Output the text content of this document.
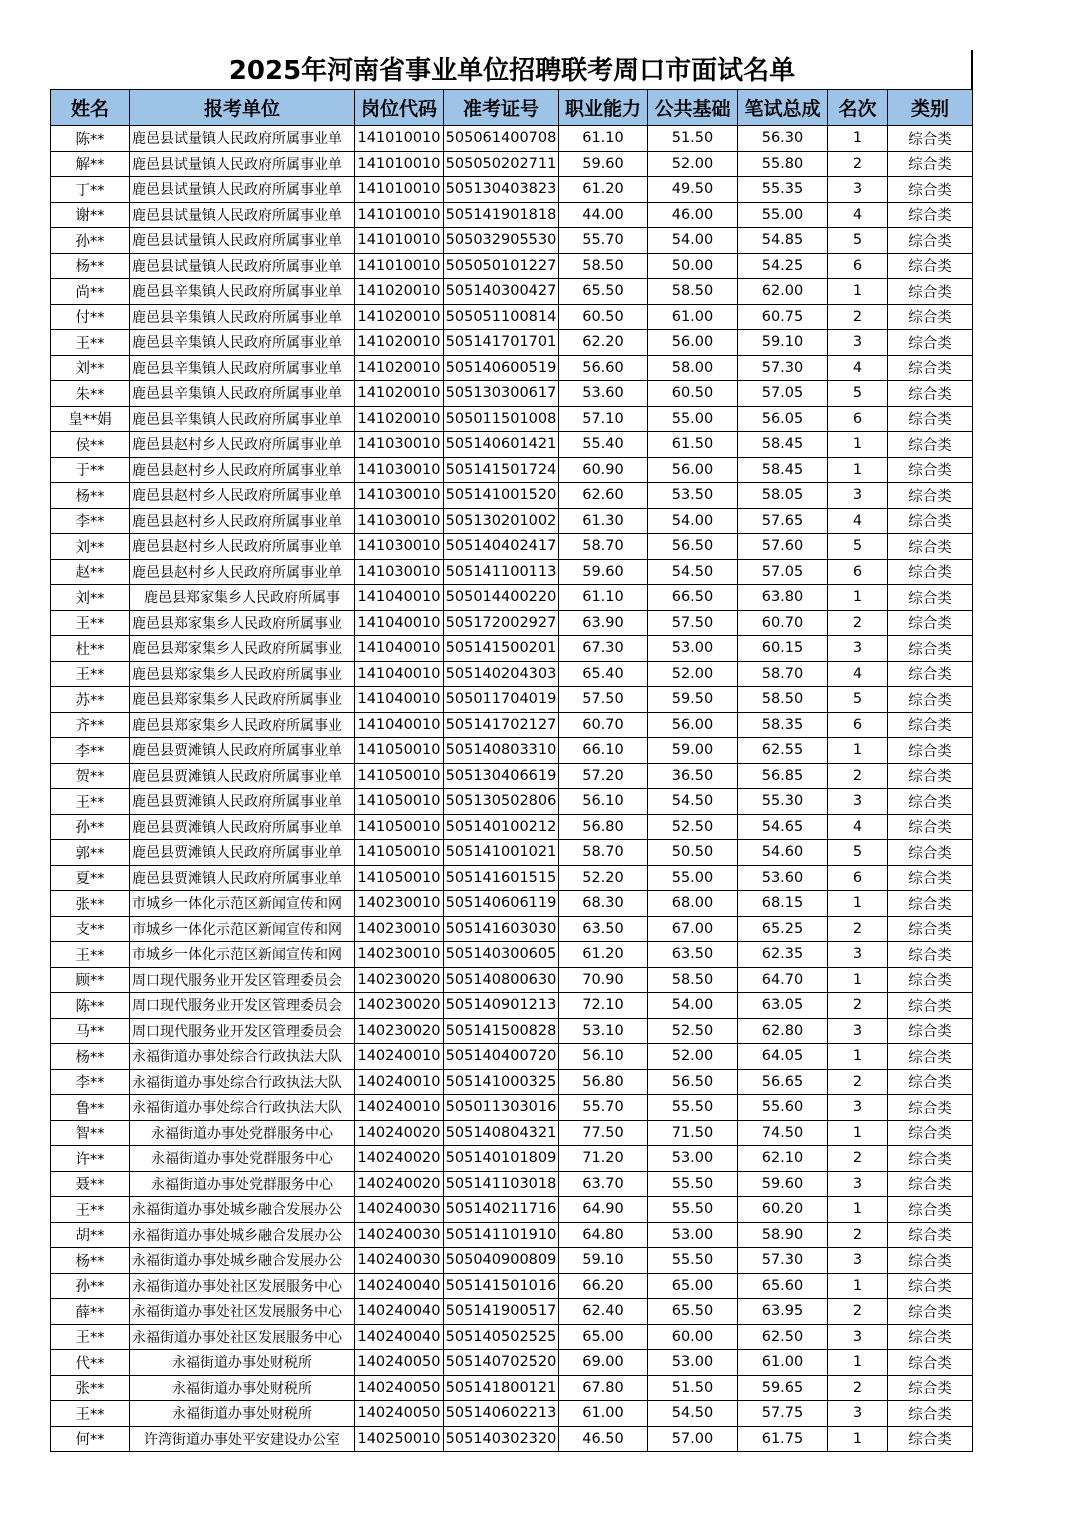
2025年河南省事业单位招聘联考周口市面试名单
姓名	报考单位	岗位代码	准考证号	职业能力	公共基础	笔试总成	名次	类别
陈**	鹿邑县试量镇人民政府所属事业单	141010010	505061400708	61.10	51.50	56.30	1	综合类
解**	鹿邑县试量镇人民政府所属事业单	141010010	505050202711	59.60	52.00	55.80	2	综合类
丁**	鹿邑县试量镇人民政府所属事业单	141010010	505130403823	61.20	49.50	55.35	3	综合类
谢**	鹿邑县试量镇人民政府所属事业单	141010010	505141901818	44.00	46.00	55.00	4	综合类
孙**	鹿邑县试量镇人民政府所属事业单	141010010	505032905530	55.70	54.00	54.85	5	综合类
杨**	鹿邑县试量镇人民政府所属事业单	141010010	505050101227	58.50	50.00	54.25	6	综合类
尚**	鹿邑县辛集镇人民政府所属事业单	141020010	505140300427	65.50	58.50	62.00	1	综合类
付**	鹿邑县辛集镇人民政府所属事业单	141020010	505051100814	60.50	61.00	60.75	2	综合类
王**	鹿邑县辛集镇人民政府所属事业单	141020010	505141701701	62.20	56.00	59.10	3	综合类
刘**	鹿邑县辛集镇人民政府所属事业单	141020010	505140600519	56.60	58.00	57.30	4	综合类
朱**	鹿邑县辛集镇人民政府所属事业单	141020010	505130300617	53.60	60.50	57.05	5	综合类
皇**娟	鹿邑县辛集镇人民政府所属事业单	141020010	505011501008	57.10	55.00	56.05	6	综合类
侯**	鹿邑县赵村乡人民政府所属事业单	141030010	505140601421	55.40	61.50	58.45	1	综合类
于**	鹿邑县赵村乡人民政府所属事业单	141030010	505141501724	60.90	56.00	58.45	1	综合类
杨**	鹿邑县赵村乡人民政府所属事业单	141030010	505141001520	62.60	53.50	58.05	3	综合类
李**	鹿邑县赵村乡人民政府所属事业单	141030010	505130201002	61.30	54.00	57.65	4	综合类
刘**	鹿邑县赵村乡人民政府所属事业单	141030010	505140402417	58.70	56.50	57.60	5	综合类
赵**	鹿邑县赵村乡人民政府所属事业单	141030010	505141100113	59.60	54.50	57.05	6	综合类
刘**	鹿邑县郑家集乡人民政府所属事	141040010	505014400220	61.10	66.50	63.80	1	综合类
王**	鹿邑县郑家集乡人民政府所属事业	141040010	505172002927	63.90	57.50	60.70	2	综合类
杜**	鹿邑县郑家集乡人民政府所属事业	141040010	505141500201	67.30	53.00	60.15	3	综合类
王**	鹿邑县郑家集乡人民政府所属事业	141040010	505140204303	65.40	52.00	58.70	4	综合类
苏**	鹿邑县郑家集乡人民政府所属事业	141040010	505011704019	57.50	59.50	58.50	5	综合类
齐**	鹿邑县郑家集乡人民政府所属事业	141040010	505141702127	60.70	56.00	58.35	6	综合类
李**	鹿邑县贾滩镇人民政府所属事业单	141050010	505140803310	66.10	59.00	62.55	1	综合类
贺**	鹿邑县贾滩镇人民政府所属事业单	141050010	505130406619	57.20	36.50	56.85	2	综合类
王**	鹿邑县贾滩镇人民政府所属事业单	141050010	505130502806	56.10	54.50	55.30	3	综合类
孙**	鹿邑县贾滩镇人民政府所属事业单	141050010	505140100212	56.80	52.50	54.65	4	综合类
郭**	鹿邑县贾滩镇人民政府所属事业单	141050010	505141001021	58.70	50.50	54.60	5	综合类
夏**	鹿邑县贾滩镇人民政府所属事业单	141050010	505141601515	52.20	55.00	53.60	6	综合类
张**	市城乡一体化示范区新闻宣传和网	140230010	505140606119	68.30	68.00	68.15	1	综合类
支**	市城乡一体化示范区新闻宣传和网	140230010	505141603030	63.50	67.00	65.25	2	综合类
王**	市城乡一体化示范区新闻宣传和网	140230010	505140300605	61.20	63.50	62.35	3	综合类
顾**	周口现代服务业开发区管理委员会	140230020	505140800630	70.90	58.50	64.70	1	综合类
陈**	周口现代服务业开发区管理委员会	140230020	505140901213	72.10	54.00	63.05	2	综合类
马**	周口现代服务业开发区管理委员会	140230020	505141500828	53.10	52.50	62.80	3	综合类
杨**	永福街道办事处综合行政执法大队	140240010	505140400720	56.10	52.00	64.05	1	综合类
李**	永福街道办事处综合行政执法大队	140240010	505141000325	56.80	56.50	56.65	2	综合类
鲁**	永福街道办事处综合行政执法大队	140240010	505011303016	55.70	55.50	55.60	3	综合类
智**	永福街道办事处党群服务中心	140240020	505140804321	77.50	71.50	74.50	1	综合类
许**	永福街道办事处党群服务中心	140240020	505140101809	71.20	53.00	62.10	2	综合类
聂**	永福街道办事处党群服务中心	140240020	505141103018	63.70	55.50	59.60	3	综合类
王**	永福街道办事处城乡融合发展办公	140240030	505140211716	64.90	55.50	60.20	1	综合类
胡**	永福街道办事处城乡融合发展办公	140240030	505141101910	64.80	53.00	58.90	2	综合类
杨**	永福街道办事处城乡融合发展办公	140240030	505040900809	59.10	55.50	57.30	3	综合类
孙**	永福街道办事处社区发展服务中心	140240040	505141501016	66.20	65.00	65.60	1	综合类
薛**	永福街道办事处社区发展服务中心	140240040	505141900517	62.40	65.50	63.95	2	综合类
王**	永福街道办事处社区发展服务中心	140240040	505140502525	65.00	60.00	62.50	3	综合类
代**	永福街道办事处财税所	140240050	505140702520	69.00	53.00	61.00	1	综合类
张**	永福街道办事处财税所	140240050	505141800121	67.80	51.50	59.65	2	综合类
王**	永福街道办事处财税所	140240050	505140602213	61.00	54.50	57.75	3	综合类
何**	许湾街道办事处平安建设办公室	140250010	505140302320	46.50	57.00	61.75	1	综合类
